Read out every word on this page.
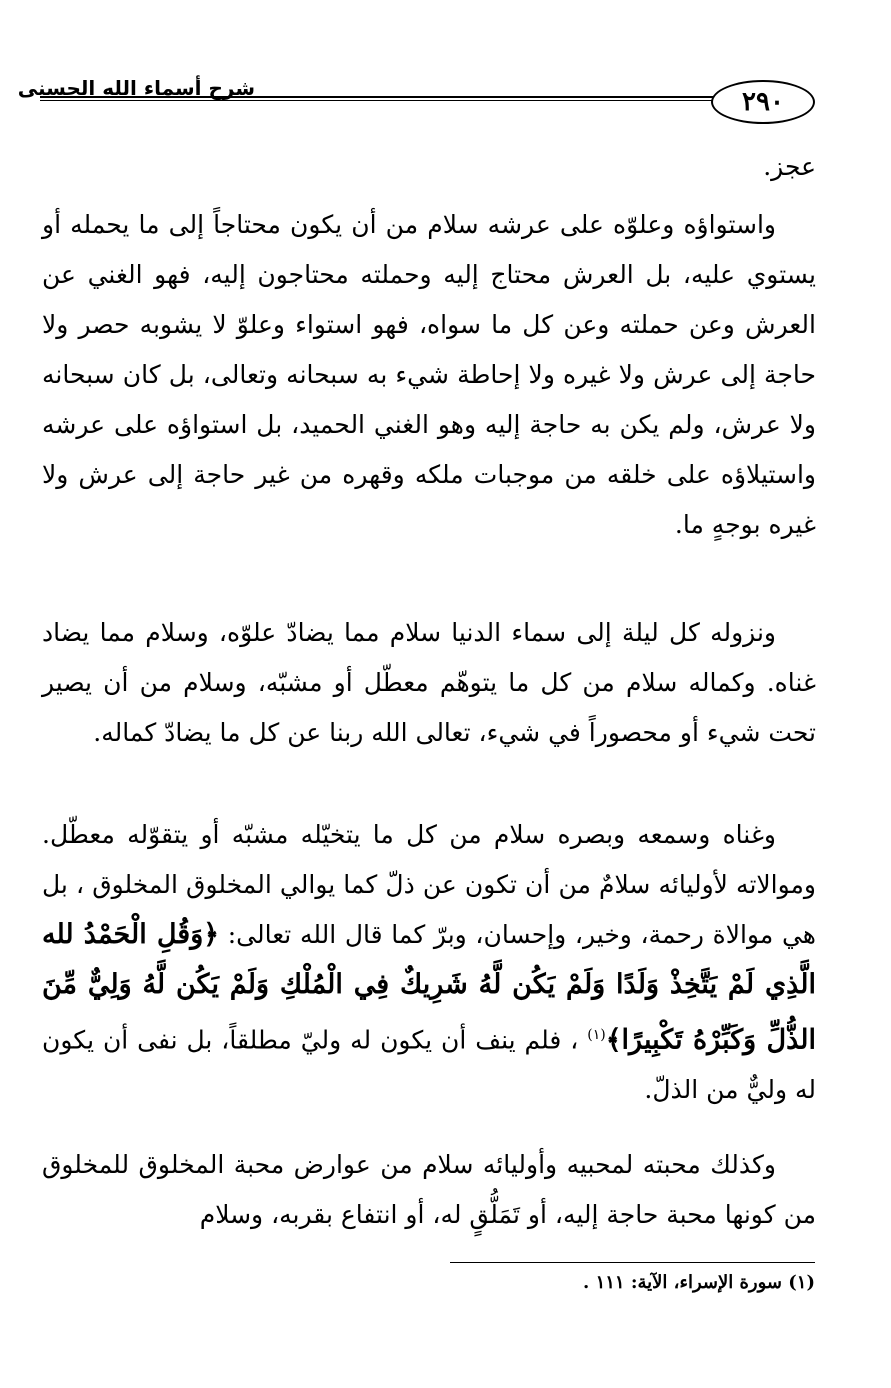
شرح أسماء الله الحسنى	٢٩٠

عجز.

واستواؤه وعلوّه على عرشه سلام من أن يكون محتاجاً إلى ما يحمله أو يستوي عليه، بل العرش محتاج إليه وحملته محتاجون إليه، فهو الغني عن العرش وعن حملته وعن كل ما سواه، فهو استواء وعلوّ لا يشوبه حصر ولا حاجة إلى عرش ولا غيره ولا إحاطة شيء به سبحانه وتعالى، بل كان سبحانه ولا عرش، ولم يكن به حاجة إليه وهو الغني الحميد، بل استواؤه على عرشه واستيلاؤه على خلقه من موجبات ملكه وقهره من غير حاجة إلى عرش ولا غيره بوجهٍ ما.

ونزوله كل ليلة إلى سماء الدنيا سلام مما يضادّ علوّه، وسلام مما يضاد غناه. وكماله سلام من كل ما يتوهّم معطّل أو مشبّه، وسلام من أن يصير تحت شيء أو محصوراً في شيء، تعالى الله ربنا عن كل ما يضادّ كماله.

وغناه وسمعه وبصره سلام من كل ما يتخيّله مشبّه أو يتقوّله معطّل. وموالاته لأوليائه سلامٌ من أن تكون عن ذلّ كما يوالي المخلوق المخلوق ، بل هي موالاة رحمة، وخير، وإحسان، وبرّ كما قال الله تعالى: ﴿وَقُلِ الْحَمْدُ لله الَّذِي لَمْ يَتَّخِذْ وَلَدًا وَلَمْ يَكُن لَّهُ شَرِيكٌ فِي الْمُلْكِ وَلَمْ يَكُن لَّهُ وَلِيٌّ مِّنَ الذُّلِّ وَكَبِّرْهُ تَكْبِيرًا﴾$^{(١)}$ ، فلم ينف أن يكون له وليّ مطلقاً، بل نفى أن يكون له وليٌّ من الذلّ.

وكذلك محبته لمحبيه وأوليائه سلام من عوارض محبة المخلوق للمخلوق من كونها محبة حاجة إليه، أو تَمَلُّقٍ له، أو انتفاع بقربه، وسلام

(١) سورة الإسراء، الآية: ١١١ .
